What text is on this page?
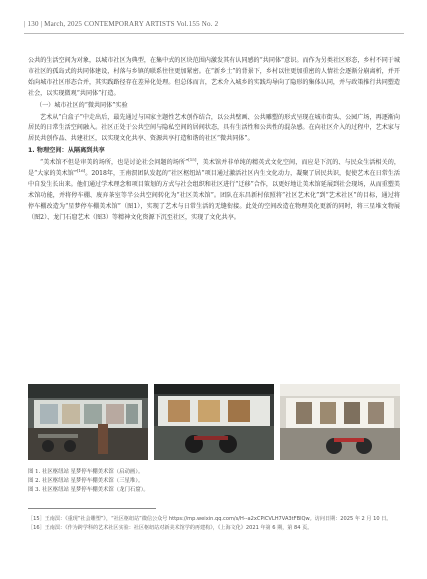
| 130 | March, 2025 CONTEMPORARY ARTISTS Vol.155 No. 2

公共的生活空间为对象，以城市社区为典型，在集中式的区块范围内激发其有认同感的“共同体”意识。而作为另类社区形态，乡村不同于城市社区的孤岛式的共同体建设，村落与乡镇的联系往往更加紧密。在“新乡土”的背景下，乡村以往更加重密的人情社会逐渐分崩离析，并开始向城市社区形态合并，其实践路径存在差异化处理。但总体而言，艺术介入城乡的实践均导向了隐形的集体认同，并与政策推行共同塑造社会，以实现微观“共同体”打造。

（一）城市社区的“微共同体”实验

艺术从“白盒子”中走出后，最先通过与国家主题性艺术创作结合，以公共壁画、公共雕塑的形式呈现在城市街头、公园广场，再逐渐向居民的日常生活空间融入。社区正处于公共空间与隐私空间的居间状态，具有生活性和公共性的混杂感。在向社区介入的过程中，艺术家与居民共创作品、共建社区，以实现文化共享、资源共享打造和谐的社区“微共同体”。

1. 物理空间：从隔离到共享

“美术馆不但是审美的场所，也是讨论社会问题的场所”[15]，美术馆并非单纯的精英式文化空间，而应是下沉的、与民众生活相关的，是“大家的美术馆”[16]。2018年，王南溟团队发起的“社区枢纽站”项目通过激活社区内生文化动力，凝聚了居民共识，促使艺术在日常生活中自发生长出来。他们通过学术理念和项目策划的方式与社会组织和社区进行“迁移”合作，以更好地让美术馆延展到社会现场，从而重塑美术馆功能，并将停车棚、废弃茶室等半公共空间转化为“社区美术馆”。团队在东昌新村依照将“社区艺术化”到“艺术社区”的目标，通过将停车棚改造为“星梦停车棚美术馆”（图1），实现了艺术与日常生活的无缝衔接。此处的空间改造在物理美化更新的同时，将三星堆文物展（图2）、龙门石窟艺术（图3）等精神文化资源下沉至社区，实现了文化共享。

图 1. 社区枢纽站 星梦停车棚美术馆（启动画）。
图 2. 社区枢纽站 星梦停车棚美术馆（三星堆）。
图 3. 社区枢纽站 星梦停车棚美术馆（龙门石窟）。
［15］王南溟：《重现“社会雕塑”》，“社区枢纽站”微信公众号 https://mp.weixin.qq.com/s/H--a2xCPiCVLH7VA3tFBlQw。访问日期：2025 年 2 月 10 日。
［16］王南溟：《作为跨学科的艺术社区实验：社区枢纽站对新美术馆学的再建构》，《上海文化》2021 年第 6 期，第 84 页。
